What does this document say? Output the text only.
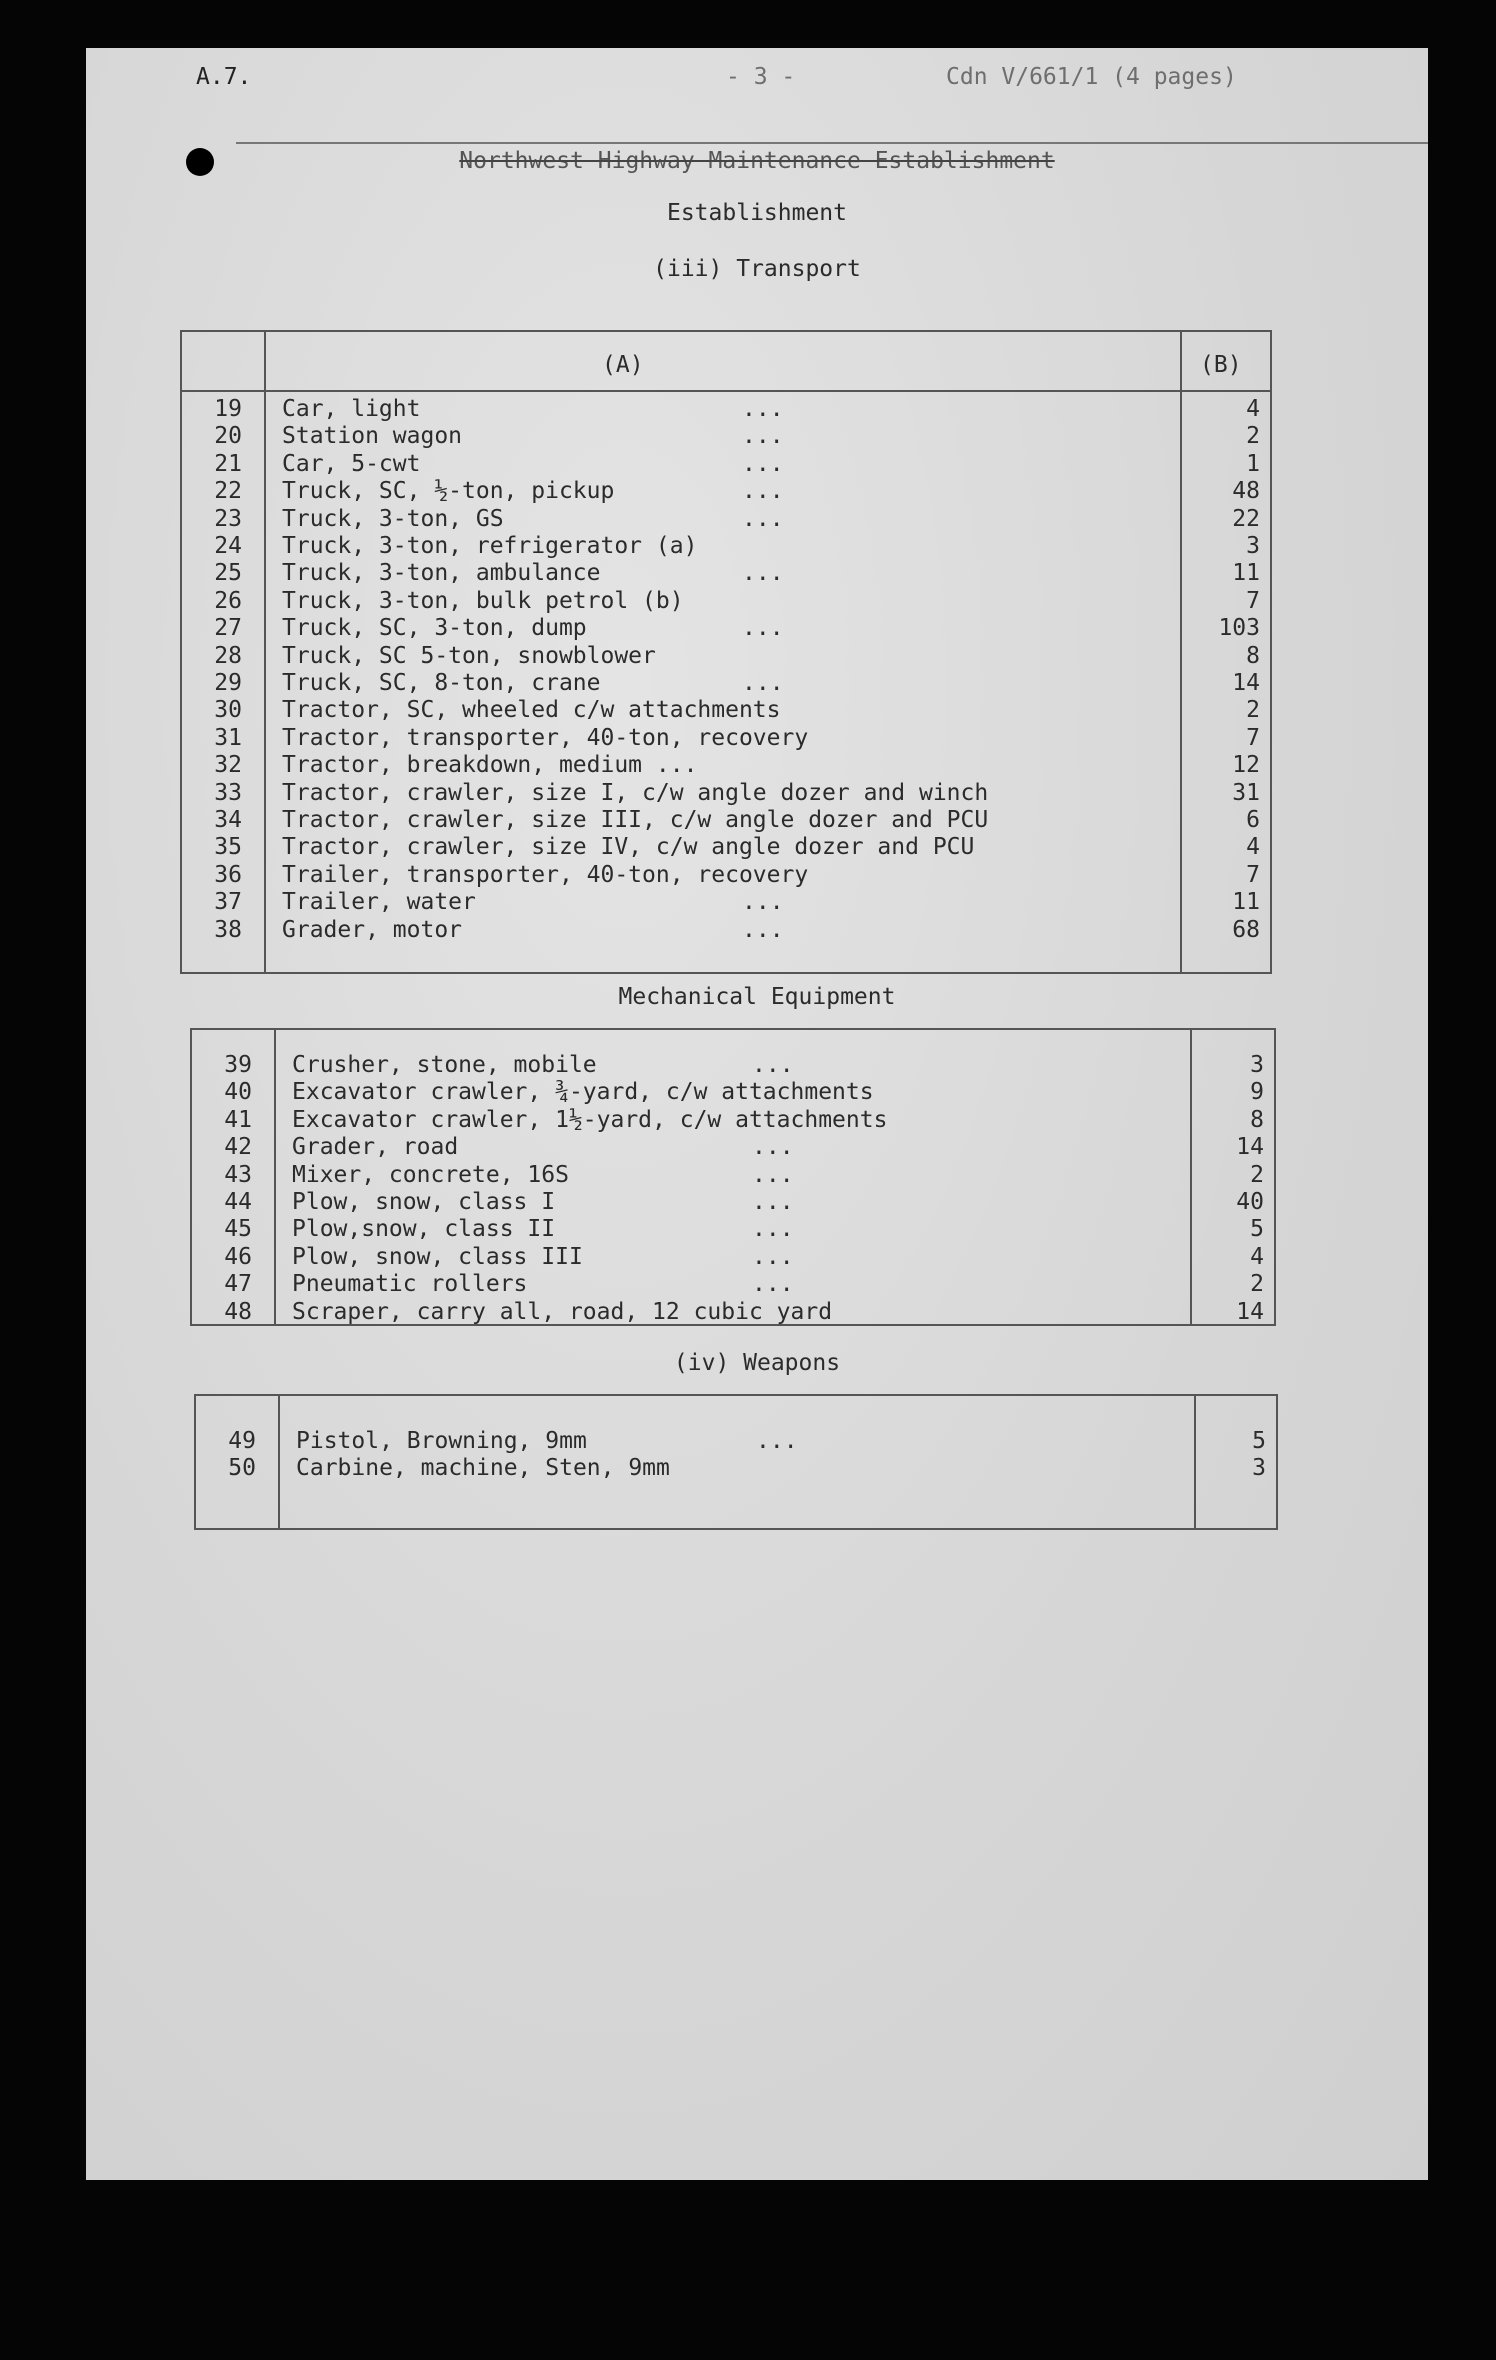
A.7.	- 3 -	Cdn V/661/1 (4 pages)
Northwest Highway Maintenance Establishment
Establishment
(iii) Transport
(A)	(B)
19 Car, light	...	4
20 Station wagon	...	2
21 Car, 5-cwt	...	1
22 Truck, SC, ½-ton, pickup	...	48
23 Truck, 3-ton, GS	...	22
24 Truck, 3-ton, refrigerator (a)	3
25 Truck, 3-ton, ambulance	...	11
26 Truck, 3-ton, bulk petrol (b)	7
27 Truck, SC, 3-ton, dump	...	103
28 Truck, SC 5-ton, snowblower	8
29 Truck, SC, 8-ton, crane	...	14
30 Tractor, SC, wheeled c/w attachments	2
31 Tractor, transporter, 40-ton, recovery	7
32 Tractor, breakdown, medium ...	12
33 Tractor, crawler, size I, c/w angle dozer and winch	31
34 Tractor, crawler, size III, c/w angle dozer and PCU	6
35 Tractor, crawler, size IV, c/w angle dozer and PCU	4
36 Trailer, transporter, 40-ton, recovery	7
37 Trailer, water	...	11
38 Grader, motor	...	68
Mechanical Equipment
39 Crusher, stone, mobile	...	3
40 Excavator crawler, ¾-yard, c/w attachments	9
41 Excavator crawler, 1½-yard, c/w attachments	8
42 Grader, road	...	14
43 Mixer, concrete, 16S	...	2
44 Plow, snow, class I	...	40
45 Plow,snow, class II	...	5
46 Plow, snow, class III	...	4
47 Pneumatic rollers	...	2
48 Scraper, carry all, road, 12 cubic yard	14
(iv) Weapons
49 Pistol, Browning, 9mm	...	5
50 Carbine, machine, Sten, 9mm	3
